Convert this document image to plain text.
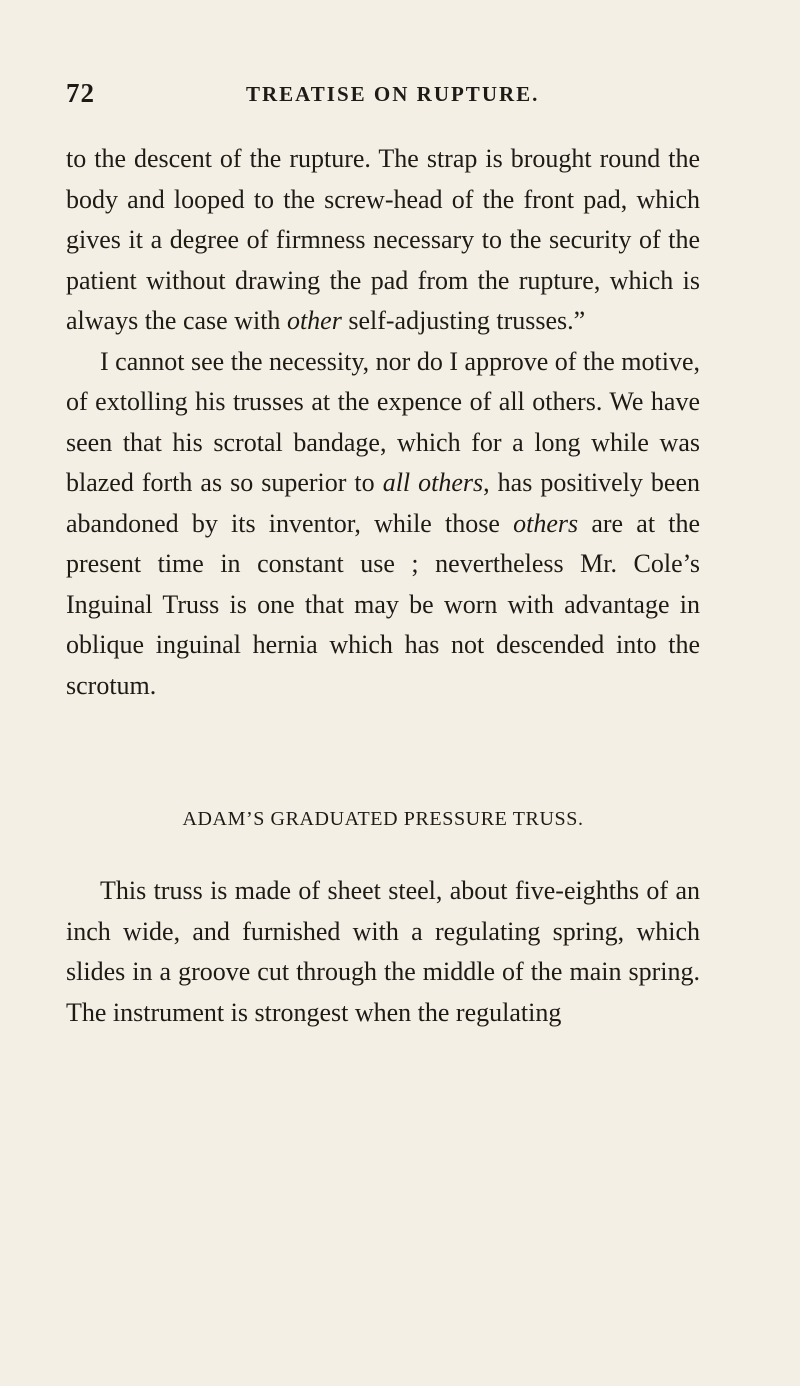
72	TREATISE ON RUPTURE.

to the descent of the rupture. The strap is brought round the body and looped to the screw-head of the front pad, which gives it a degree of firmness necessary to the security of the patient without drawing the pad from the rupture, which is always the case with other self-adjusting trusses.”

I cannot see the necessity, nor do I approve of the motive, of extolling his trusses at the expence of all others. We have seen that his scrotal bandage, which for a long while was blazed forth as so superior to all others, has positively been abandoned by its inventor, while those others are at the present time in constant use ; nevertheless Mr. Cole’s Inguinal Truss is one that may be worn with advantage in oblique inguinal hernia which has not descended into the scrotum.

ADAM’S GRADUATED PRESSURE TRUSS.

This truss is made of sheet steel, about five-eighths of an inch wide, and furnished with a regulating spring, which slides in a groove cut through the middle of the main spring. The instrument is strongest when the regulating
